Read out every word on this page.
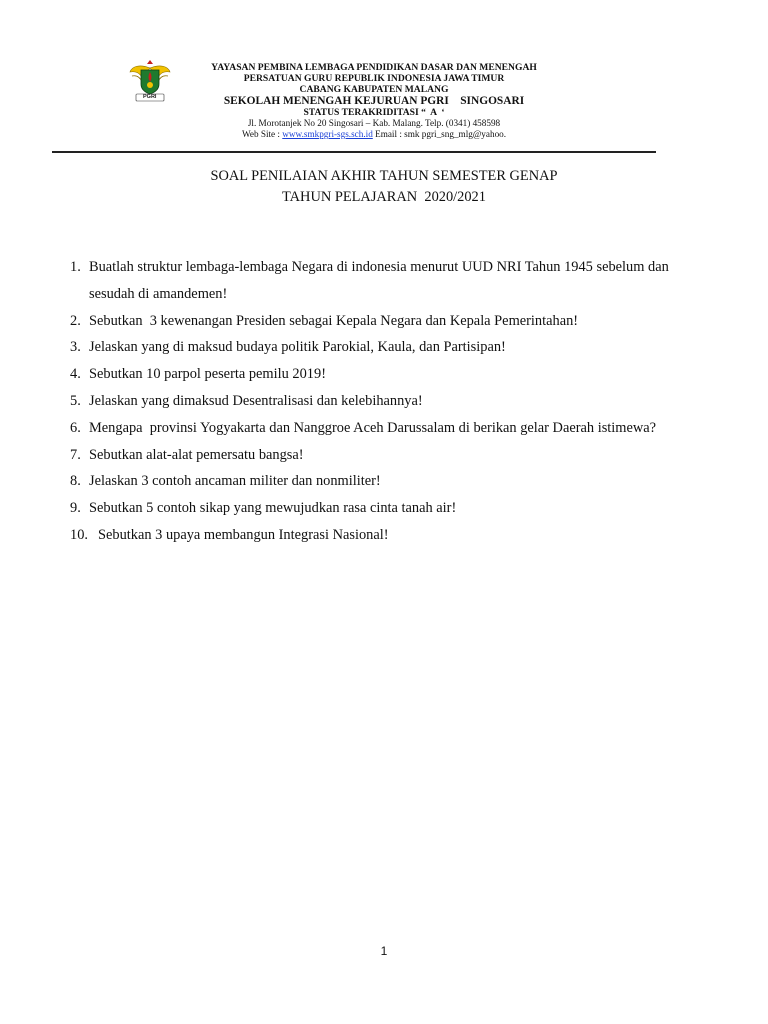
PGRI
YAYASAN PEMBINA LEMBAGA PENDIDIKAN DASAR DAN MENENGAH
PERSATUAN GURU REPUBLIK INDONESIA JAWA TIMUR
CABANG KABUPATEN MALANG
SEKOLAH MENENGAH KEJURUAN PGRI    SINGOSARI
STATUS TERAKRIDITASI “  A  ‘
Jl. Morotanjek No 20 Singosari – Kab. Malang. Telp. (0341) 458598
Web Site : www.smkpgri-sgs.sch.id Email : smk pgri_sng_mlg@yahoo.
SOAL PENILAIAN AKHIR TAHUN SEMESTER GENAP
TAHUN PELAJARAN  2020/2021
1. Buatlah struktur lembaga-lembaga Negara di indonesia menurut UUD NRI Tahun 1945 sebelum dan sesudah di amandemen!
2. Sebutkan  3 kewenangan Presiden sebagai Kepala Negara dan Kepala Pemerintahan!
3. Jelaskan yang di maksud budaya politik Parokial, Kaula, dan Partisipan!
4. Sebutkan 10 parpol peserta pemilu 2019!
5. Jelaskan yang dimaksud Desentralisasi dan kelebihannya!
6. Mengapa  provinsi Yogyakarta dan Nanggroe Aceh Darussalam di berikan gelar Daerah istimewa?
7. Sebutkan alat-alat pemersatu bangsa!
8. Jelaskan 3 contoh ancaman militer dan nonmiliter!
9. Sebutkan 5 contoh sikap yang mewujudkan rasa cinta tanah air!
10. Sebutkan 3 upaya membangun Integrasi Nasional!
1
